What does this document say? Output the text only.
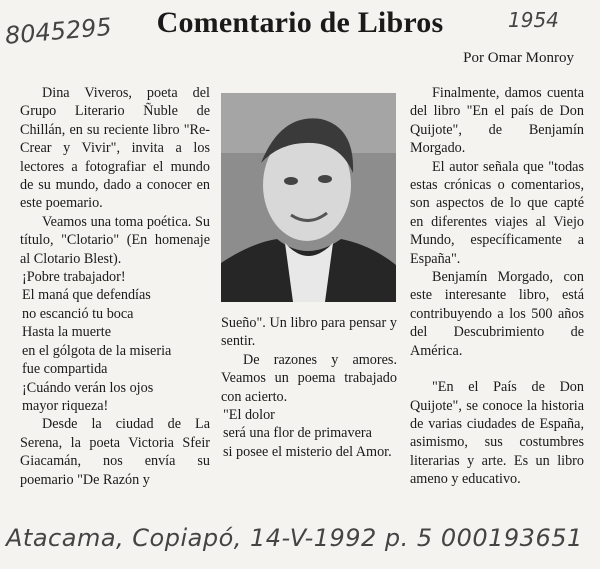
8045295	1954

Comentario de Libros

Por Omar Monroy

Dina Viveros, poeta del Grupo Literario Ñuble de Chillán, en su reciente libro "Re-Crear y Vivir", invita a los lectores a fotografiar el mundo de su mundo, dado a conocer en este poemario.

Veamos una toma poética. Su título, "Clotario" (En homenaje al Clotario Blest).

¡Pobre trabajador!

El maná que defendías

no escanció tu boca

Hasta la muerte

en el gólgota de la miseria

fue compartida

¡Cuándo verán los ojos

mayor riqueza!

Desde la ciudad de La Serena, la poeta Victoria Sfeir Giacamán, nos envía su poemario "De Razón y

Sueño". Un libro para pensar y sentir.

De razones y amores. Veamos un poema trabajado con acierto.

"El dolor

será una flor de primavera

si posee el misterio del Amor.

Finalmente, damos cuenta del libro "En el país de Don Quijote", de Benjamín Morgado.

El autor señala que "todas estas crónicas o comentarios, son aspectos de lo que capté en diferentes viajes al Viejo Mundo, específicamente a España".

Benjamín Morgado, con este interesante libro, está contribuyendo a los 500 años del Descubrimiento de América.

"En el País de Don Quijote", se conoce la historia de varias ciudades de España, asimismo, sus costumbres literarias y arte. Es un libro ameno y educativo.

Atacama, Copiapó, 14-V-1992 p. 5 000193651
